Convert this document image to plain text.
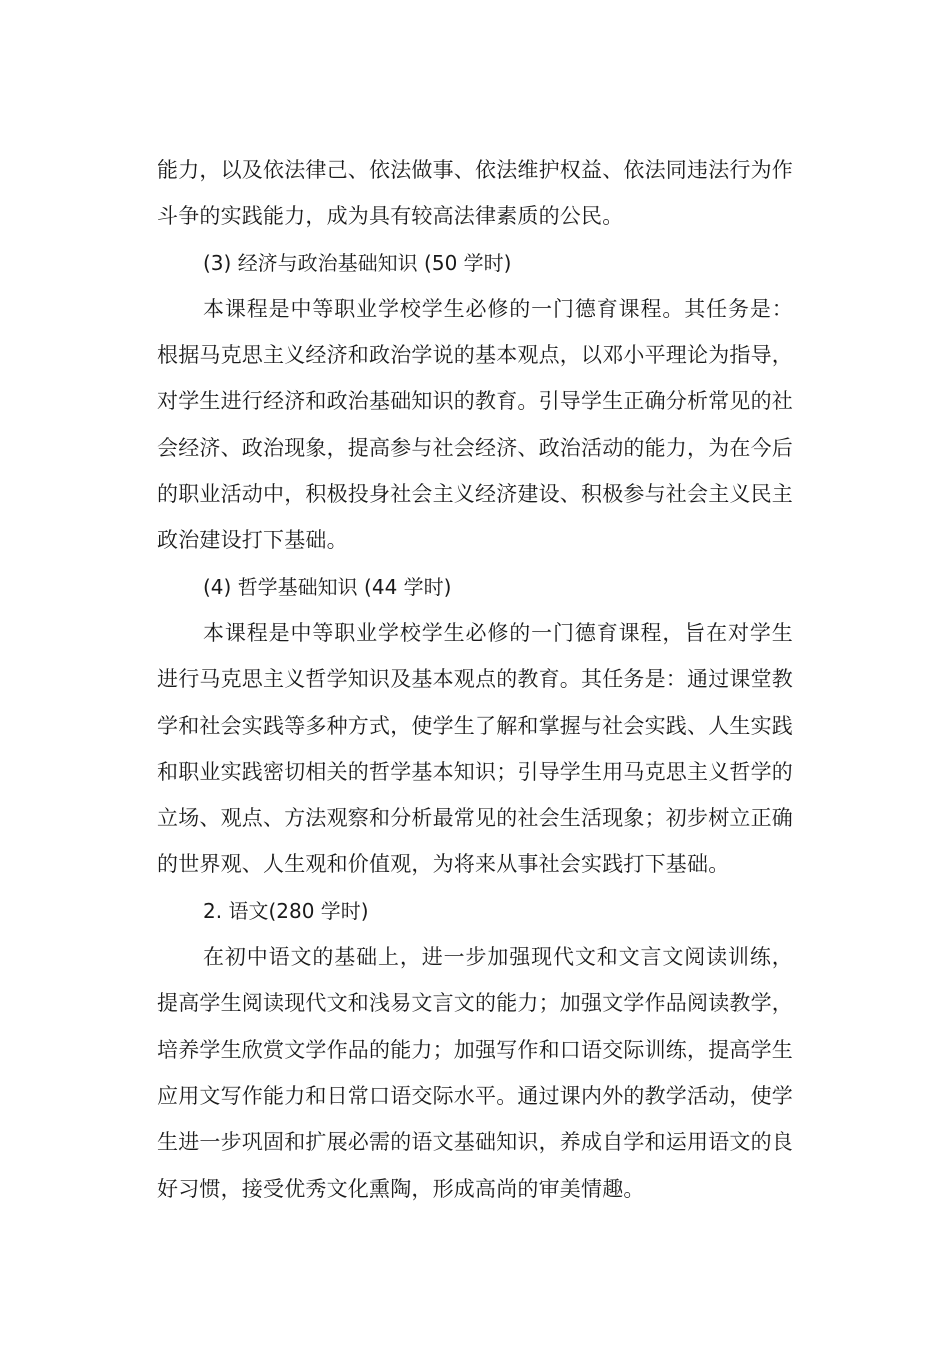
能力，以及依法律己、依法做事、依法维护权益、依法同违法行为作斗争的实践能力，成为具有较高法律素质的公民。

(3) 经济与政治基础知识 (50 学时)

本课程是中等职业学校学生必修的一门德育课程。其任务是：根据马克思主义经济和政治学说的基本观点，以邓小平理论为指导，对学生进行经济和政治基础知识的教育。引导学生正确分析常见的社会经济、政治现象，提高参与社会经济、政治活动的能力，为在今后的职业活动中，积极投身社会主义经济建设、积极参与社会主义民主政治建设打下基础。

(4) 哲学基础知识 (44 学时)

本课程是中等职业学校学生必修的一门德育课程，旨在对学生进行马克思主义哲学知识及基本观点的教育。其任务是：通过课堂教学和社会实践等多种方式，使学生了解和掌握与社会实践、人生实践和职业实践密切相关的哲学基本知识；引导学生用马克思主义哲学的立场、观点、方法观察和分析最常见的社会生活现象；初步树立正确的世界观、人生观和价值观，为将来从事社会实践打下基础。

2. 语文(280 学时)

在初中语文的基础上，进一步加强现代文和文言文阅读训练，提高学生阅读现代文和浅易文言文的能力；加强文学作品阅读教学，培养学生欣赏文学作品的能力；加强写作和口语交际训练，提高学生应用文写作能力和日常口语交际水平。通过课内外的教学活动，使学生进一步巩固和扩展必需的语文基础知识，养成自学和运用语文的良好习惯，接受优秀文化熏陶，形成高尚的审美情趣。
